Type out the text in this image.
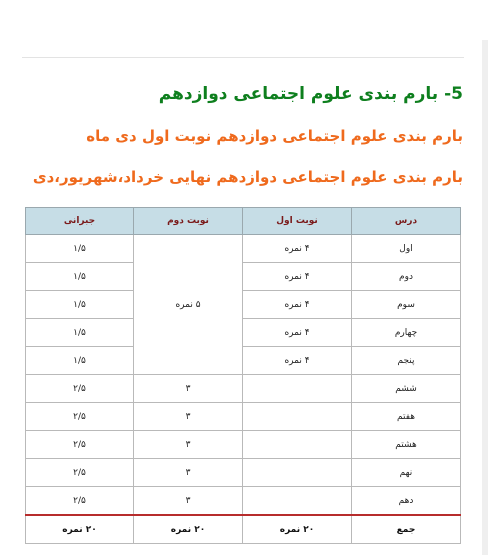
5- بارم بندی علوم اجتماعی دوازدهم
بارم بندی علوم اجتماعی دوازدهم نوبت اول دی ماه
بارم بندی علوم اجتماعی دوازدهم نهایی خرداد،شهریور،دی
درس	نوبت اول	نوبت دوم	جبرانی
اول	۴ نمره	۵ نمره	۱/۵
دوم	۴ نمره		۱/۵
سوم	۴ نمره		۱/۵
چهارم	۴ نمره		۱/۵
پنجم	۴ نمره		۱/۵
ششم		۳	۲/۵
هفتم		۳	۲/۵
هشتم		۳	۲/۵
نهم		۳	۲/۵
دهم		۳	۲/۵
جمع	۲۰ نمره	۲۰ نمره	۲۰ نمره
